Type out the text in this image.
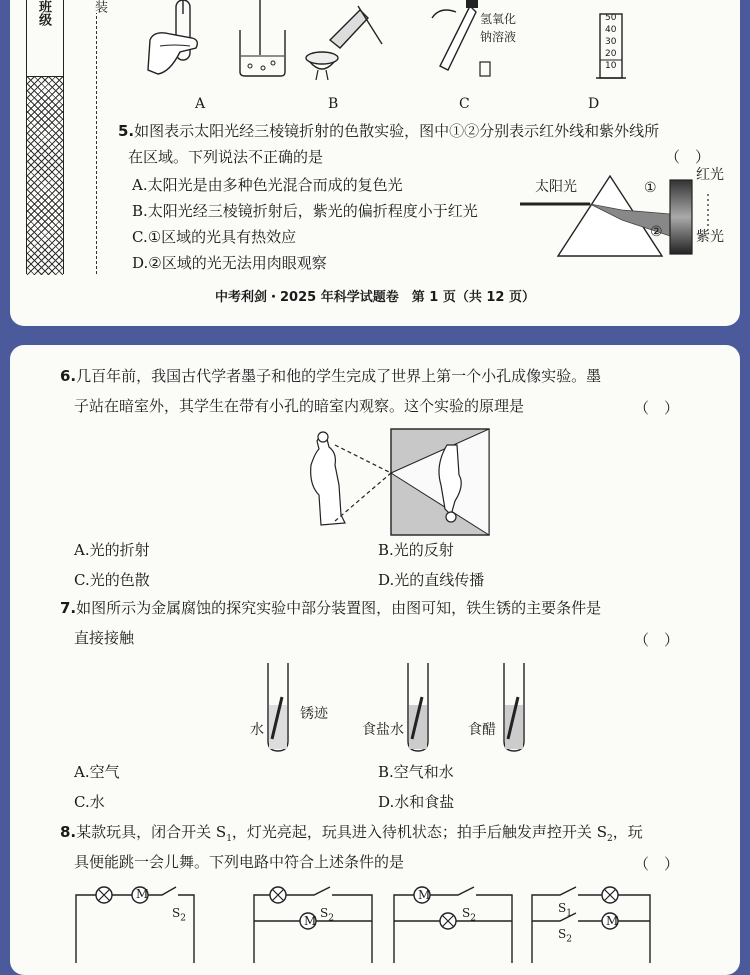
班级	装
氢氧化
钠溶液
50
40
30
20
10
A	B	C	D
5.如图表示太阳光经三棱镜折射的色散实验，图中①②分别表示红外线和紫外线所
在区域。下列说法不正确的是	（　）
A.太阳光是由多种色光混合而成的复色光
B.太阳光经三棱镜折射后，紫光的偏折程度小于红光
C.①区域的光具有热效应
D.②区域的光无法用肉眼观察
太阳光	①
②
红光
紫光
中考利剑・2025 年科学试题卷　第 1 页（共 12 页）
6.几百年前，我国古代学者墨子和他的学生完成了世界上第一个小孔成像实验。墨
子站在暗室外，其学生在带有小孔的暗室内观察。这个实验的原理是	（　）
A.光的折射	B.光的反射
C.光的色散	D.光的直线传播
7.如图所示为金属腐蚀的探究实验中部分装置图，由图可知，铁生锈的主要条件是
直接接触	（　）
水
锈迹
食盐水	食醋
A.空气	B.空气和水
C.水	D.水和食盐
8.某款玩具，闭合开关 $S_1$，灯光亮起，玩具进入待机状态；拍手后触发声控开关 $S_2$，玩
具便能跳一会儿舞。下列电路中符合上述条件的是	（　）
M
$S_2$	M
$S_2$
M
$S_2$	M
$S_1$
$S_2$
